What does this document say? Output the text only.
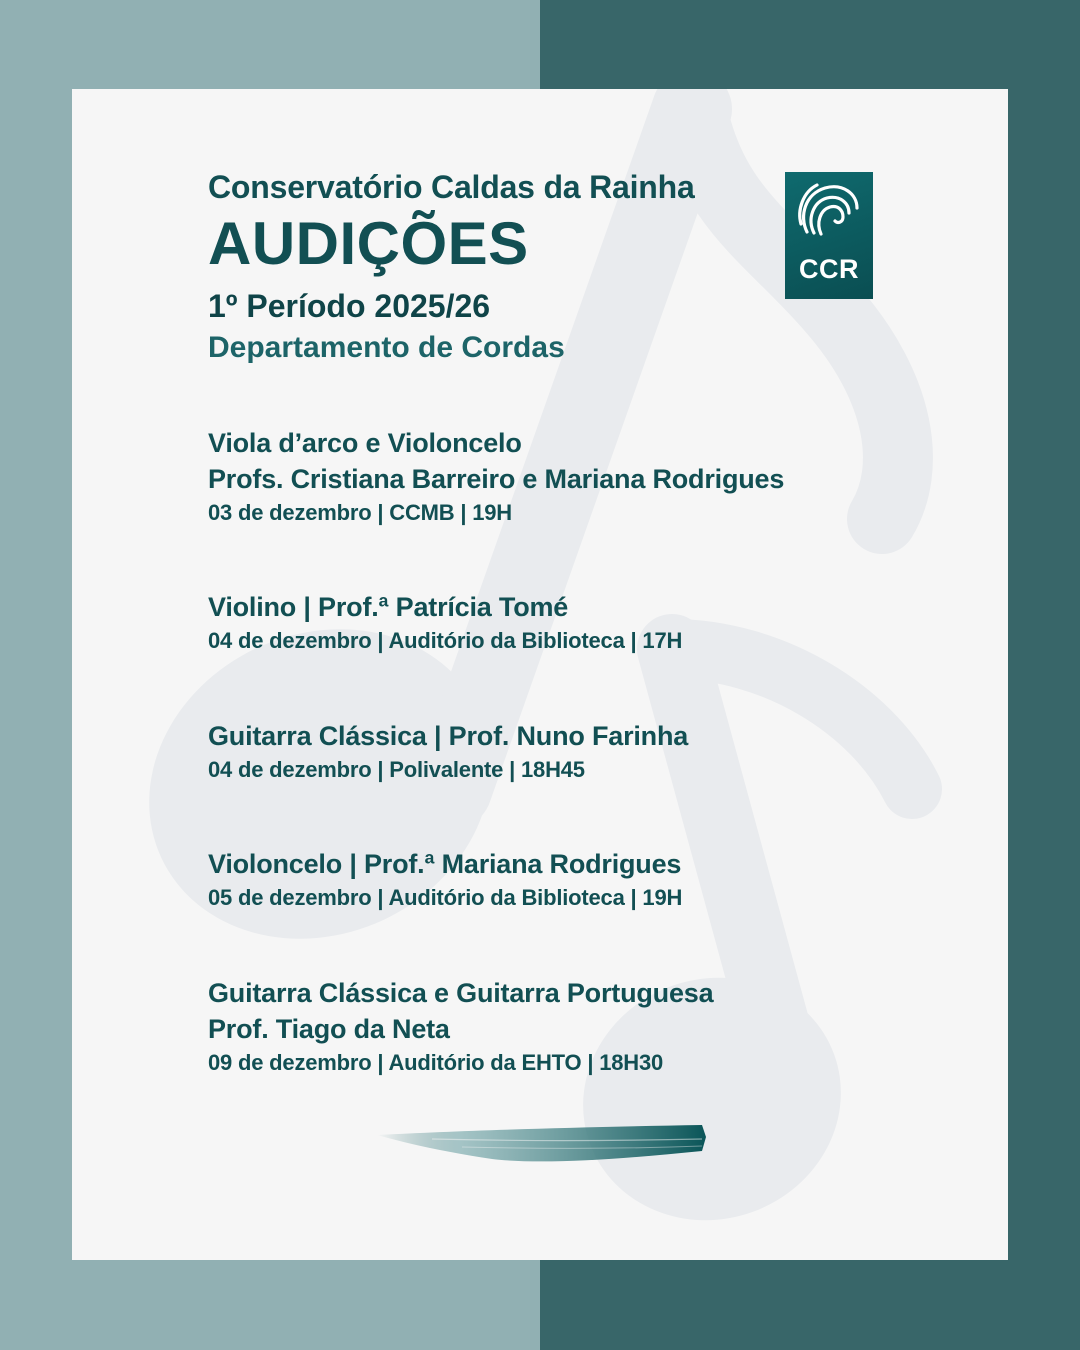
CCR
Conservatório Caldas da Rainha
AUDIÇÕES
1º Período 2025/26
Departamento de Cordas
Viola d’arco e Violoncelo
Profs. Cristiana Barreiro e Mariana Rodrigues
03 de dezembro | CCMB | 19H
Violino | Prof.ª Patrícia Tomé
04 de dezembro | Auditório da Biblioteca | 17H
Guitarra Clássica | Prof. Nuno Farinha
04 de dezembro | Polivalente | 18H45
Violoncelo | Prof.ª Mariana Rodrigues
05 de dezembro | Auditório da Biblioteca | 19H
Guitarra Clássica e Guitarra Portuguesa
Prof. Tiago da Neta
09 de dezembro | Auditório da EHTO | 18H30
